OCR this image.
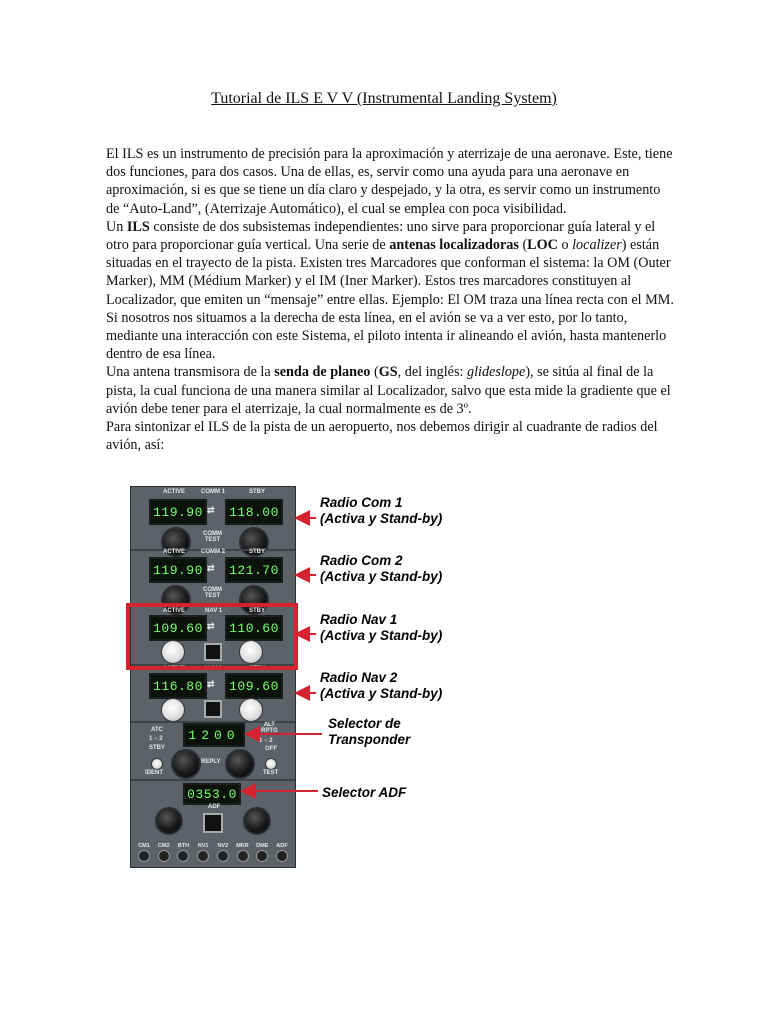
Tutorial de ILS E V V (Instrumental Landing System)

El ILS es un instrumento de precisión para la aproximación y aterrizaje de una aeronave. Este, tiene dos funciones, para dos casos. Una de ellas, es, servir como una ayuda para una aeronave en aproximación, si es que se tiene un día claro y despejado, y la otra, es servir como un instrumento de “Auto-Land”, (Aterrizaje Automático), el cual se emplea con poca visibilidad.

Un ILS consiste de dos subsistemas independientes: uno sirve para proporcionar guía lateral y el otro para proporcionar guía vertical. Una serie de antenas localizadoras (LOC o localizer) están situadas en el trayecto de la pista. Existen tres Marcadores que conforman el sistema: la OM (Outer Marker), MM (Médium Marker) y el IM (Iner Marker). Estos tres marcadores constituyen al Localizador, que emiten un “mensaje” entre ellas. Ejemplo: El OM traza una línea recta con el MM. Si nosotros nos situamos a la derecha de esta línea, en el avión se va a ver esto, por lo tanto, mediante una interacción con este Sistema, el piloto intenta ir alineando el avión, hasta mantenerlo dentro de esa línea.

Una antena transmisora de la senda de planeo (GS, del inglés: glideslope), se sitúa al final de la pista, la cual funciona de una manera similar al Localizador, salvo que esta mide la gradiente que el avión debe tener para el aterrizaje, la cual normalmente es de 3º.

Para sintonizar el ILS de la pista de un aeropuerto, nos debemos dirigir al cuadrante de radios del avión, así:

ACTIVE	COMM 1	STBY
119.90	118.00
⇄
COMM
TEST
ACTIVE	COMM 2	STBY
119.90	121.70
⇄
COMM
TEST
ACTIVE	NAV 1	STBY
109.60	110.60
⇄
ACTIVE	NAV 2	STBY
116.80	109.60
⇄
ATC
1 ○ 2
STBY
1200
ALT
RPTG
1 ○ 2
OFF
IDENT
REPLY
TEST
0353.0
ADF
CM1 CM2 BTH NV1 NV2 MKR DME ADF
Radio Com 1
(Activa y Stand-by)
Radio Com 2
(Activa y Stand-by)
Radio Nav 1
(Activa y Stand-by)
Radio Nav 2
(Activa y Stand-by)
Selector de
Transponder
Selector ADF
